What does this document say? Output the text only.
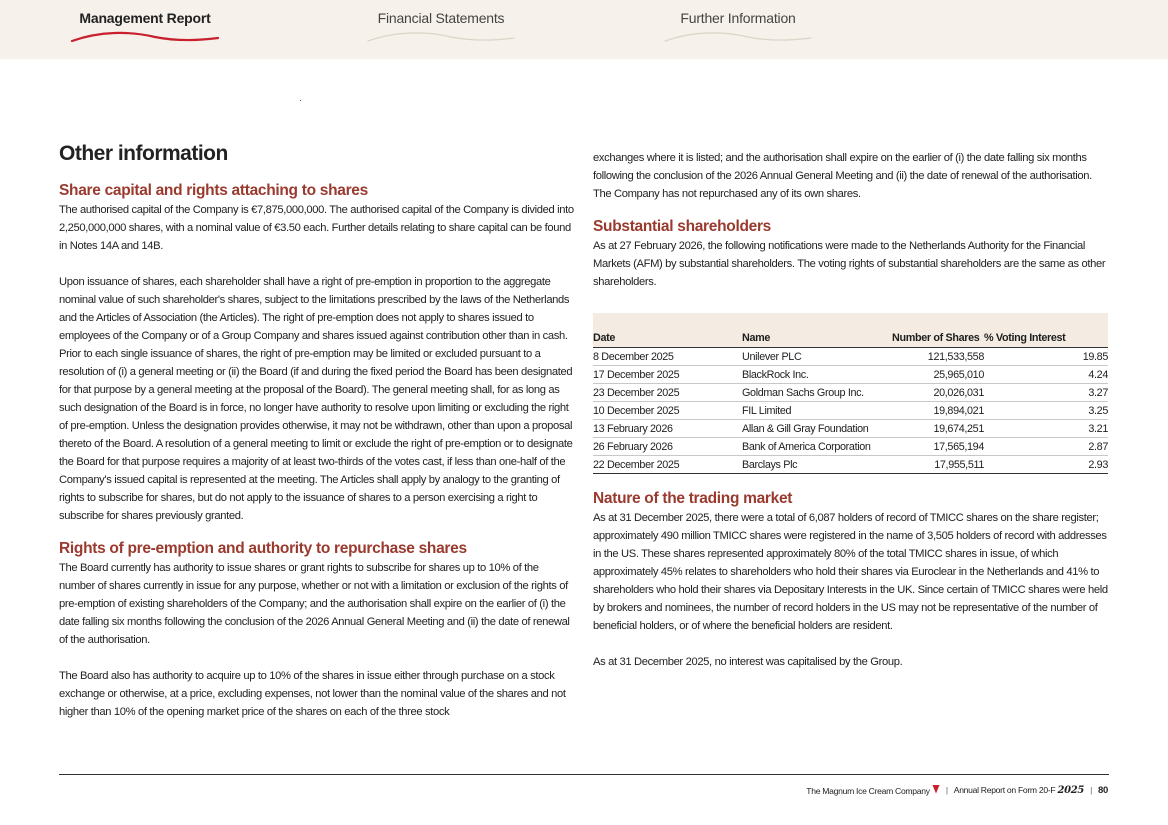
Management Report	Financial Statements	Further Information
Other information
Share capital and rights attaching to shares

The authorised capital of the Company is €7,875,000,000. The authorised capital of the Company is divided into 2,250,000,000 shares, with a nominal value of €3.50 each. Further details relating to share capital can be found in Notes 14A and 14B.

Upon issuance of shares, each shareholder shall have a right of pre-emption in proportion to the aggregate nominal value of such shareholder's shares, subject to the limitations prescribed by the laws of the Netherlands and the Articles of Association (the Articles). The right of pre-emption does not apply to shares issued to employees of the Company or of a Group Company and shares issued against contribution other than in cash. Prior to each single issuance of shares, the right of pre-emption may be limited or excluded pursuant to a resolution of (i) a general meeting or (ii) the Board (if and during the fixed period the Board has been designated for that purpose by a general meeting at the proposal of the Board). The general meeting shall, for as long as such designation of the Board is in force, no longer have authority to resolve upon limiting or excluding the right of pre-emption. Unless the designation provides otherwise, it may not be withdrawn, other than upon a proposal thereto of the Board. A resolution of a general meeting to limit or exclude the right of pre-emption or to designate the Board for that purpose requires a majority of at least two-thirds of the votes cast, if less than one-half of the Company's issued capital is represented at the meeting. The Articles shall apply by analogy to the granting of rights to subscribe for shares, but do not apply to the issuance of shares to a person exercising a right to subscribe for shares previously granted.

Rights of pre-emption and authority to repurchase shares

The Board currently has authority to issue shares or grant rights to subscribe for shares up to 10% of the number of shares currently in issue for any purpose, whether or not with a limitation or exclusion of the rights of pre-emption of existing shareholders of the Company; and the authorisation shall expire on the earlier of (i) the date falling six months following the conclusion of the 2026 Annual General Meeting and (ii) the date of renewal of the authorisation.

The Board also has authority to acquire up to 10% of the shares in issue either through purchase on a stock exchange or otherwise, at a price, excluding expenses, not lower than the nominal value of the shares and not higher than 10% of the opening market price of the shares on each of the three stock

exchanges where it is listed; and the authorisation shall expire on the earlier of (i) the date falling six months following the conclusion of the 2026 Annual General Meeting and (ii) the date of renewal of the authorisation. The Company has not repurchased any of its own shares.

Substantial shareholders

As at 27 February 2026, the following notifications were made to the Netherlands Authority for the Financial Markets (AFM) by substantial shareholders. The voting rights of substantial shareholders are the same as other shareholders.

Date	Name	Number of Shares	% Voting Interest
8 December 2025	Unilever PLC	121,533,558	19.85
17 December 2025	BlackRock Inc.	25,965,010	4.24
23 December 2025	Goldman Sachs Group Inc.	20,026,031	3.27
10 December 2025	FIL Limited	19,894,021	3.25
13 February 2026	Allan & Gill Gray Foundation	19,674,251	3.21
26 February 2026	Bank of America Corporation	17,565,194	2.87
22 December 2025	Barclays Plc	17,955,511	2.93
Nature of the trading market

As at 31 December 2025, there were a total of 6,087 holders of record of TMICC shares on the share register; approximately 490 million TMICC shares were registered in the name of 3,505 holders of record with addresses in the US. These shares represented approximately 80% of the total TMICC shares in issue, of which approximately 45% relates to shareholders who hold their shares via Euroclear in the Netherlands and 41% to shareholders who hold their shares via Depositary Interests in the UK. Since certain of TMICC shares were held by brokers and nominees, the number of record holders in the US may not be representative of the number of beneficial holders, or of where the beneficial holders are resident.

As at 31 December 2025, no interest was capitalised by the Group.

The Magnum Ice Cream Company	| Annual Report on Form 20-F 2025 | 80
